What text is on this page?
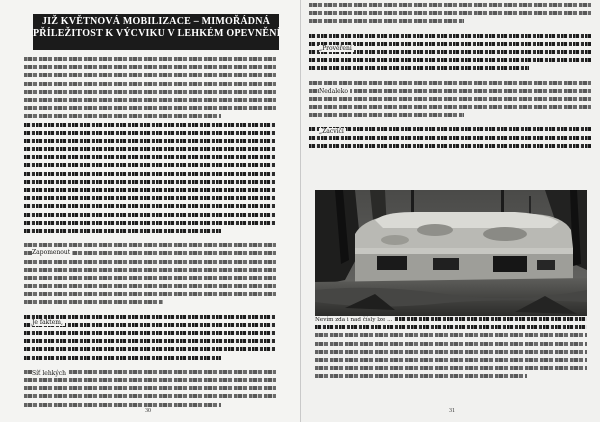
JIŽ KVĚTNOVÁ MOBILIZACE – MIMOŘÁDNÁ
PŘÍLEŽITOST K VÝCVIKU V LEHKÉM OPEVNĚNÍ
Zapomenout
Je faktem,
Síť lehkých
30
„Prověření
Nedaleko
„Zacvičí
Nevím zda i nad čísly lze ...
31
